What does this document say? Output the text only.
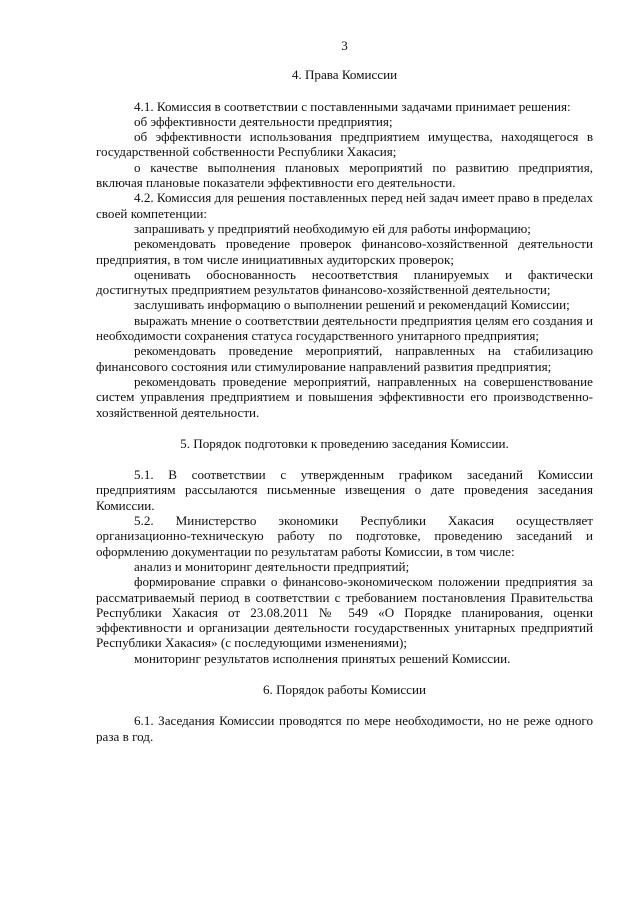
3
4. Права Комиссии

4.1. Комиссия в соответствии с поставленными задачами принимает решения:

об эффективности деятельности предприятия;

об эффективности использования предприятием имущества, находящегося в государственной собственности Республики Хакасия;

о качестве выполнения плановых мероприятий по развитию предприятия, включая плановые показатели эффективности его деятельности.

4.2. Комиссия для решения поставленных перед ней задач имеет право в пределах своей компетенции:

запрашивать у предприятий необходимую ей для работы информацию;

рекомендовать проведение проверок финансово-хозяйственной деятельности предприятия, в том числе инициативных аудиторских проверок;

оценивать обоснованность несоответствия планируемых и фактически достигнутых предприятием результатов финансово-хозяйственной деятельности;

заслушивать информацию о выполнении решений и рекомендаций Комиссии;

выражать мнение о соответствии деятельности предприятия целям его создания и необходимости сохранения статуса государственного унитарного предприятия;

рекомендовать проведение мероприятий, направленных на стабилизацию финансового состояния или стимулирование направлений развития предприятия;

рекомендовать проведение мероприятий, направленных на совершенствование систем управления предприятием и повышения эффективности его производственно-хозяйственной деятельности.

5. Порядок подготовки к проведению заседания Комиссии.

5.1. В соответствии с утвержденным графиком заседаний Комиссии предприятиям рассылаются письменные извещения о дате проведения заседания Комиссии.

5.2. Министерство экономики Республики Хакасия осуществляет организационно-техническую работу по подготовке, проведению заседаний и оформлению документации по результатам работы Комиссии, в том числе:

анализ и мониторинг деятельности предприятий;

формирование справки о финансово-экономическом положении предприятия за рассматриваемый период в соответствии с требованием постановления Правительства Республики Хакасия от 23.08.2011 № 549 «О Порядке планирования, оценки эффективности и организации деятельности государственных унитарных предприятий Республики Хакасия» (с последующими изменениями);

мониторинг результатов исполнения принятых решений Комиссии.

6. Порядок работы Комиссии

6.1. Заседания Комиссии проводятся по мере необходимости, но не реже одного раза в год.
